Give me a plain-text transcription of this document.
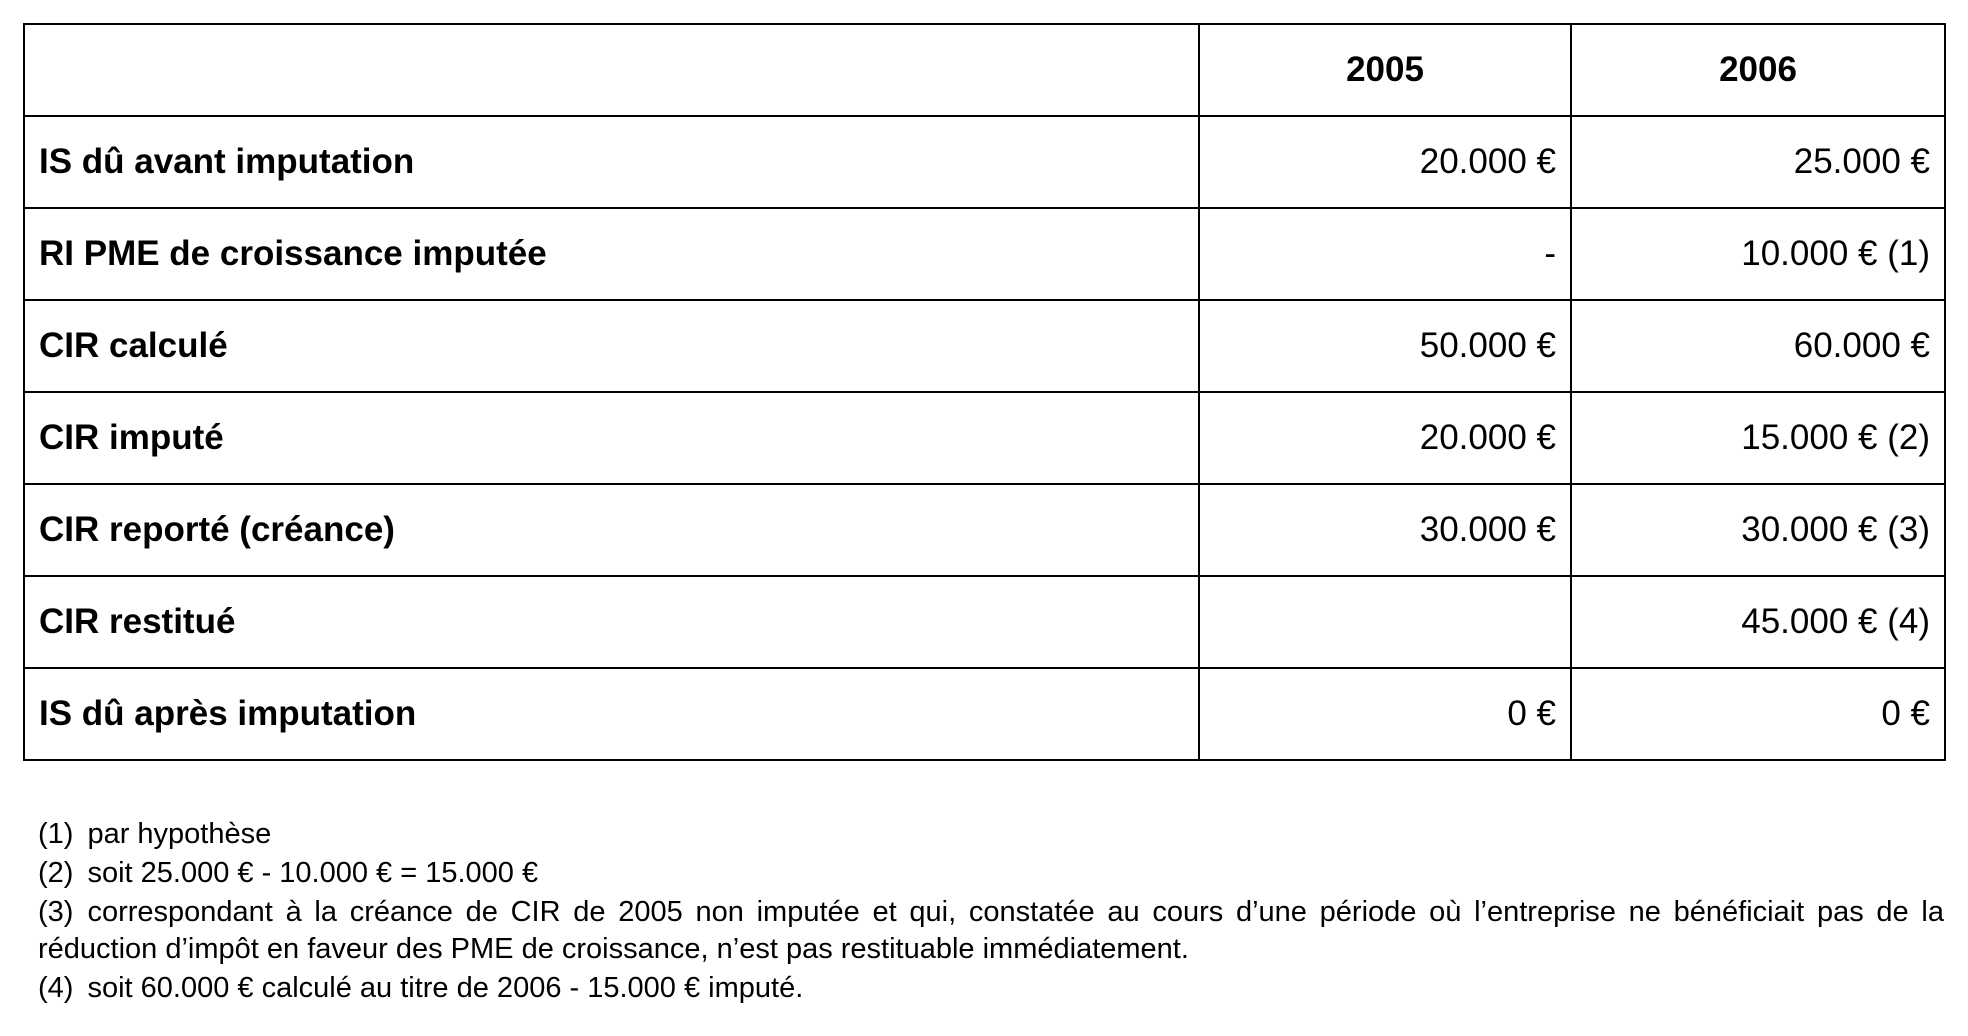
	2005	2006
IS dû avant imputation	20.000 €	25.000 €
RI PME de croissance imputée	-	10.000 € (1)
CIR calculé	50.000 €	60.000 €
CIR imputé	20.000 €	15.000 € (2)
CIR reporté (créance)	30.000 €	30.000 € (3)
CIR restitué		45.000 € (4)
IS dû après imputation	0 €	0 €
(1) par hypothèse
(2) soit 25.000 € - 10.000 € = 15.000 €
(3) correspondant à la créance de CIR de 2005 non imputée et qui, constatée au cours d’une période où l’entreprise ne bénéficiait pas de la réduction d’impôt en faveur des PME de croissance, n’est pas restituable immédiatement.
(4) soit 60.000 € calculé au titre de 2006 - 15.000 € imputé.
